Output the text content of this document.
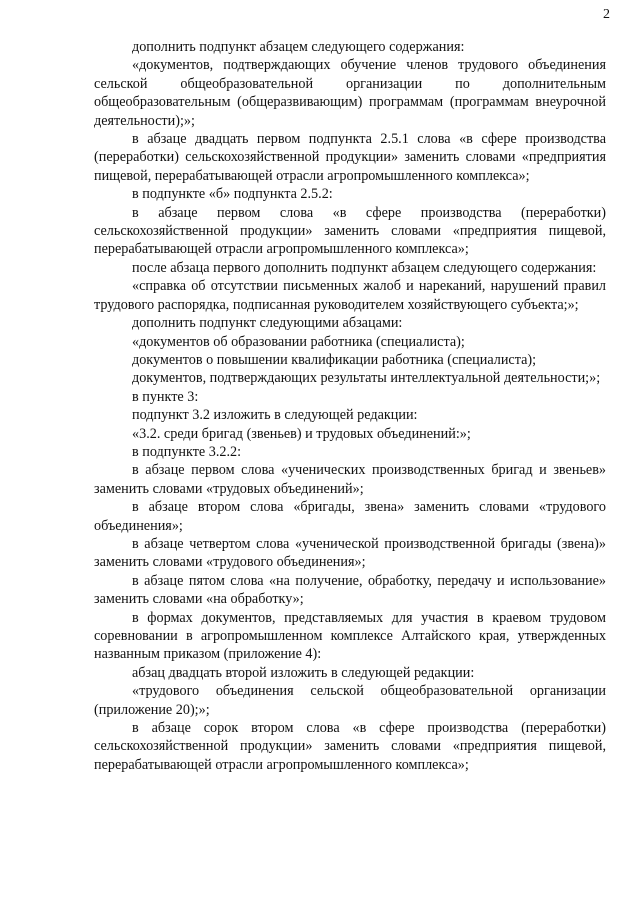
2

дополнить подпункт абзацем следующего содержания:

«документов, подтверждающих обучение членов трудового объединения сельской общеобразовательной организации по дополнительным общеобразовательным (общеразвивающим) программам (программам внеурочной деятельности);»;

в абзаце двадцать первом подпункта 2.5.1 слова «в сфере производства (переработки) сельскохозяйственной продукции» заменить словами «предприятия пищевой, перерабатывающей отрасли агропромышленного комплекса»;

в подпункте «б» подпункта 2.5.2:

в абзаце первом слова «в сфере производства (переработки) сельскохозяйственной продукции» заменить словами «предприятия пищевой, перерабатывающей отрасли агропромышленного комплекса»;

после абзаца первого дополнить подпункт абзацем следующего содержания:

«справка об отсутствии письменных жалоб и нареканий, нарушений правил трудового распорядка, подписанная руководителем хозяйствующего субъекта;»;

дополнить подпункт следующими абзацами:

«документов об образовании работника (специалиста);

документов о повышении квалификации работника (специалиста);

документов, подтверждающих результаты интеллектуальной деятельности;»;

в пункте 3:

подпункт 3.2 изложить в следующей редакции:

«3.2. среди бригад (звеньев) и трудовых объединений:»;

в подпункте 3.2.2:

в абзаце первом слова «ученических производственных бригад и звеньев» заменить словами «трудовых объединений»;

в абзаце втором слова «бригады, звена» заменить словами «трудового объединения»;

в абзаце четвертом слова «ученической производственной бригады (звена)» заменить словами «трудового объединения»;

в абзаце пятом слова «на получение, обработку, передачу и использование» заменить словами «на обработку»;

в формах документов, представляемых для участия в краевом трудовом соревновании в агропромышленном комплексе Алтайского края, утвержденных названным приказом (приложение 4):

абзац двадцать второй изложить в следующей редакции:

«трудового объединения сельской общеобразовательной организации (приложение 20);»;

в абзаце сорок втором слова «в сфере производства (переработки) сельскохозяйственной продукции» заменить словами «предприятия пищевой, перерабатывающей отрасли агропромышленного комплекса»;
